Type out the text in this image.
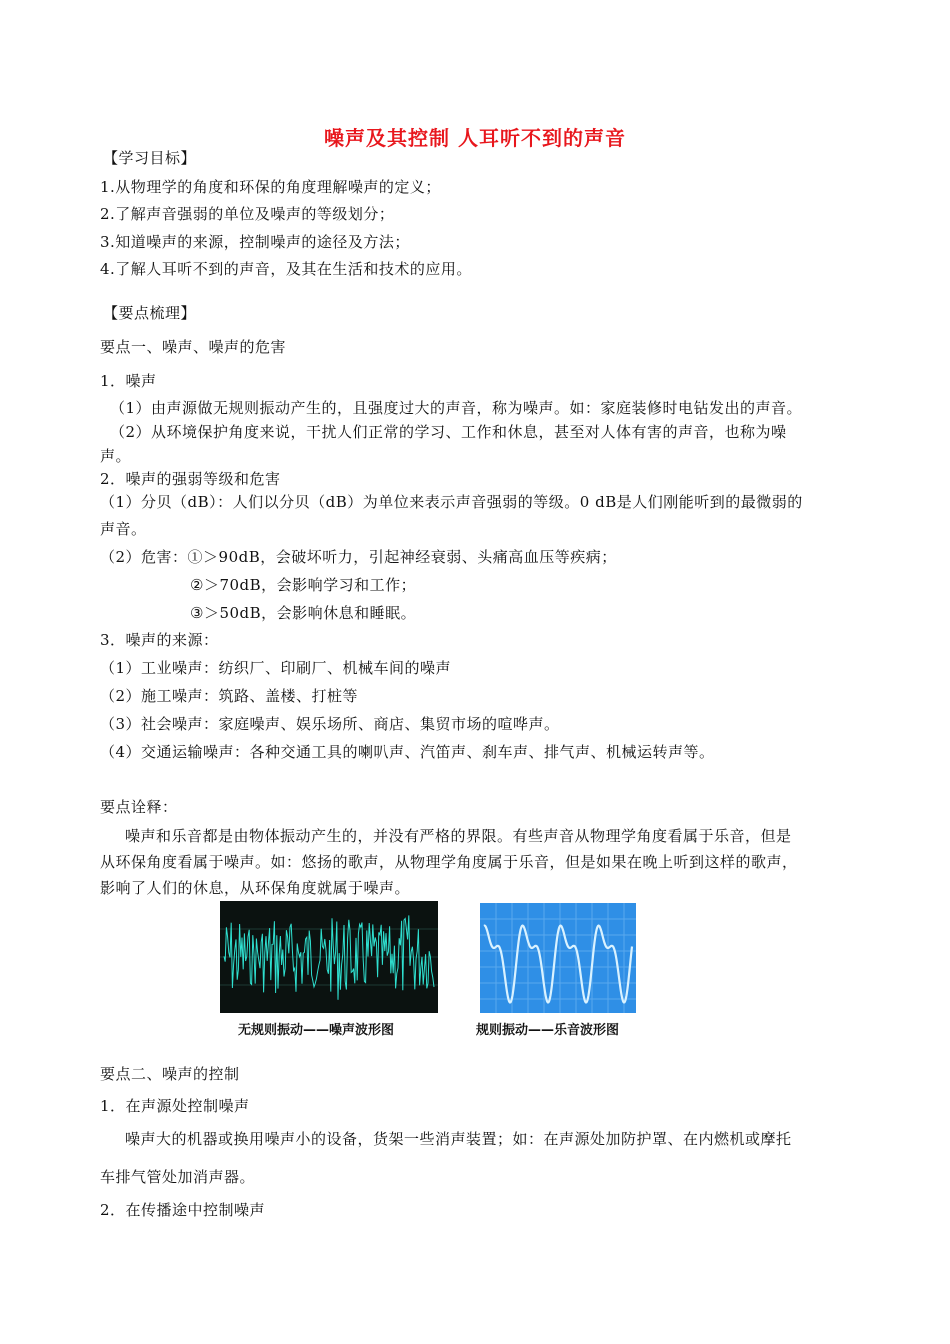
噪声及其控制 人耳听不到的声音
【学习目标】
1.从物理学的角度和环保的角度理解噪声的定义；
2.了解声音强弱的单位及噪声的等级划分；
3.知道噪声的来源，控制噪声的途径及方法；
4.了解人耳听不到的声音，及其在生活和技术的应用。
【要点梳理】
要点一、噪声、噪声的危害
1．噪声
（1）由声源做无规则振动产生的，且强度过大的声音，称为噪声。如：家庭装修时电钻发出的声音。
（2）从环境保护角度来说，干扰人们正常的学习、工作和休息，甚至对人体有害的声音，也称为噪
声。
2．噪声的强弱等级和危害
（1）分贝（dB）：人们以分贝（dB）为单位来表示声音强弱的等级。0 dB是人们刚能听到的最微弱的
声音。
（2）危害：①＞90dB，会破坏听力，引起神经衰弱、头痛高血压等疾病；
②＞70dB，会影响学习和工作；
③＞50dB，会影响休息和睡眠。
3．噪声的来源：
（1）工业噪声：纺织厂、印刷厂、机械车间的噪声
（2）施工噪声：筑路、盖楼、打桩等
（3）社会噪声：家庭噪声、娱乐场所、商店、集贸市场的喧哗声。
（4）交通运输噪声：各种交通工具的喇叭声、汽笛声、刹车声、排气声、机械运转声等。
要点诠释：
噪声和乐音都是由物体振动产生的，并没有严格的界限。有些声音从物理学角度看属于乐音，但是
从环保角度看属于噪声。如：悠扬的歌声，从物理学角度属于乐音，但是如果在晚上听到这样的歌声，
影响了人们的休息，从环保角度就属于噪声。
无规则振动——噪声波形图	规则振动——乐音波形图
要点二、噪声的控制
1．在声源处控制噪声
噪声大的机器或换用噪声小的设备，货架一些消声装置；如：在声源处加防护罩、在内燃机或摩托
车排气管处加消声器。
2．在传播途中控制噪声
